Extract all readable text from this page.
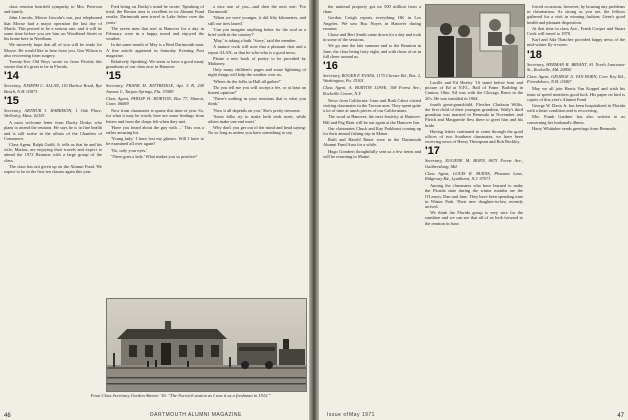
class reunion heartfelt sympathy to Mrs. Peterson and family.

John Lincoln, Moose Lincoln's son, just telephoned that Moose had a major operation the last day of March. This proved to be a serious one, and it will be some time before you see him on Woodland Street or his home here in Needham.

We sincerely hope that all of you will be ready for Moose. He would like to hear from you. Gus Wilson is also recovering from surgery.

Twenty-five Old Boys wrote us from Florida this winter that it's great to be in Florida.

'14

Secretary, JOSEPH C. ALLAN, 110 Harbor Road, Rye Beach, N.H. 03871

'15

Secretary, ARTHUR J. HARRISON, 1 Oak Place, Wellesley, Mass. 02181

A most welcome letter from Ducky Drake, who plans to attend the reunion. He says he is in fine health and is still active in the affairs of the Chamber of Commerce.

Class Agent, Ralph Guild, Jr. tells us that he and his wife, Marion, are enjoying their travels and expect to attend the 1972 Reunion with a large group of the class.

The class has not given up on the Alumni Fund. We expect to be in the first ten classes again this year.

Fred being on Ducky's mind he wrote: 'Speaking of tired, the Boston area is excellent in its Alumni Fund results. Dartmouth men travel to Lake Sebec over the years.'

The seven men that met at Hanover for a day in February were in a happy mood and enjoyed the weather.

In the same month of May is a Real Dartmouth man. A fine article appeared in Saturday Evening Post magazine.

Relatively Speaking: We seem to have a good many grandsons of our class now in Hanover.

'15

Secretary, FRANK H. KITTREDGE, Apt. 5 B, 249 Avenue C, Tarpon Springs, Fla. 33589

Class Agent, PHILIP H. HORTON, Box 77, Sharon, Conn. 06069

Now from classmates is sparse this time of year. So, for what it may be worth, here are some findings from letters and from the chaps felt when they met.

'Have you heard about the guy with ...' This was a rather amusing bit.

'Young lady,' I have lost my glasses. Will I have to be examined all over again?

'No, only your eyes.'

'There goes a lady.' What makes you so positive?

a nice one of you—and then the next one: 'For Dartmouth.'

'When we were younger, it did fifty kilometres, and still our tires lasted.'

'Can you imagine anything better for the soul as a brief walk in the country?'

'May,' is taking a bath. 'Sorry,' said the member.

A mature cook will note that a pleasant chat and a report ALAN, or that he who-who is a good news.

Please a new book of poetry to be provided by Mahoney.

Only many children's pages and some lightning of night things will help the weather over us.

'Where do the folks in Hall all gather?'

'Do you tell me you will accept a fee, or at least an honest opinion?'

'There's nothing in your reunions that is what you think.'

'Now it all depends on you.' She's pretty tiresome.

'Some folks try to make both ends meet, while others make one end meet.'

Why don't you get out of the mind and head saying: No so long as unless you have something to say.

From Class Secretary Gordon Skeeter '16: "The Norwich station as I saw it as a freshman in 1912."
46	DARTMOUTH ALUMNI MAGAZINE

the national property got no 500 million from a chair.

Gordon Creigh reports everything OK in Los Angeles. We saw Bus Noyes in Hanover during reunion.

Chase and Bert Smith came down for a day and took in some of the sessions.

We go into the late summer and to the Reunion in June, the class being forty eight, and with those of us in full cheer around us.

'16

Secretary, ROGER F. EVANS, 1175 Chester Rd., Bos. 2, Washington, Pa. 15301

Class Agent, A. BURTON LOWE, 108 Forest Ave., Rockville Centre, N.Y.

News from California: Gran and Ruth Cabot visited visiting classmates in the Tucson area. They spent quite a lot of time at ranch pieces of our Californians.

The word at Hanover, the next festivity at Hanover: Bill and Peg Blair will be out again at the Hanover Inn.

Our classmates Chuck and Kay Parkhurst coming up for their annual fishing trip in Maine.

Ruth and Harold Bauer were in the Dartmouth Alumni Fund Area for a while.

Hugo Gombert thoughtfully sent us a few items and will be returning to Maine.

Lucille and Ed Healey '16 stand before bust and picture of Ed at N.F.L. Hall of Fame. Building in Canton, Ohio. Ed was with the Chicago Bears in the 20's. He was installed in 1964.

fourth great-grandchild, Fletcher Clarkson Willis, the first child of their youngest grandson, Wally's third grandson was married in Bermuda in November and Fletch and Marguerite flew there to greet him and his bride.

Having letters continued to come through the good offices of two Southern classmates, we have been receiving news of Henry Thompson and Bob Beckley.

'17

Secretary, EUGENE M. BOEN, 8075 Forest Ave., Gaithersburg, Md.

Class Agent, LOUIS R. BURNS, Pleasant Lane, Ridgeway Rd., Lyndhurst, N.J. 07071

Among the classmates who have learned to make the Florida state during the winter months are the O'Learys, Dan and Jane. They have been spending time in Winter Park. Their new daughter-in-law recently arrived.

We think the Florida group is very nice for the sunshine and we can see that all of us look forward to the reunion in June.

forced occasions, however, by housing any problems in rheumatism. As strong as you are, the fellows gathered for a visit in winning fashion; Gene's good health and pleasant disposition.

At that time in class Ave., Frank Cooper and Stuart Cook will travel to 1970.

Karl and Ada Thatcher provided happy news of the mid-winter fly-a-room.

'18

Secretary, HERMAN R. BRYANT, 81 North Lancaster St., Rockville, Md. 20850

Class Agent, GEORGE A. VAN BORN, Cove Key Rd., Friendsboro, N.H. 03467

May we all join Harris Van Koppel and wish his team of speed members good luck. His paper on bird is copies of this year's Alumni Fund.

George W. Davis Jr. has been hospitalized in Florida with a heart condition and is recovering.

Mrs. Frank Gardner has also written to us concerning her husband's illness.

Harry Whittaker sends greetings from Bermuda.

Issue of May 1971	47
